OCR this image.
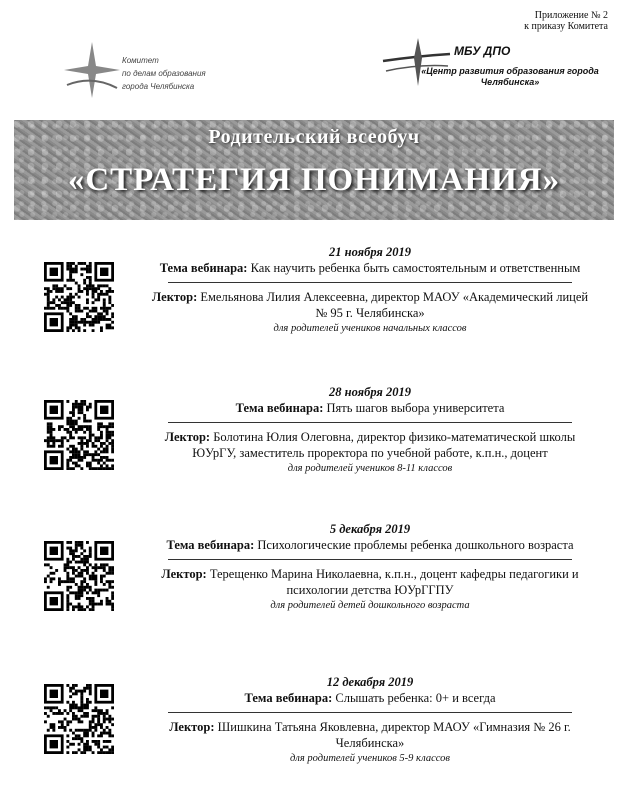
Приложение № 2
к приказу Комитета
Комитет
по делам образования
города Челябинска
МБУ ДПО
«Центр развития образования города Челябинска»
Родительский всеобуч
«СТРАТЕГИЯ ПОНИМАНИЯ»
21 ноября 2019
Тема вебинара: Как научить ребенка быть самостоятельным и ответственным
Лектор: Емельянова Лилия Алексеевна, директор МАОУ «Академический лицей № 95 г. Челябинска»
для родителей учеников начальных классов
28 ноября 2019
Тема вебинара: Пять шагов выбора университета
Лектор: Болотина Юлия Олеговна, директор физико-математической школы ЮУрГУ, заместитель проректора по учебной работе, к.п.н., доцент
для родителей учеников 8-11 классов
5 декабря 2019
Тема вебинара: Психологические проблемы ребенка дошкольного возраста
Лектор: Терещенко Марина Николаевна, к.п.н., доцент кафедры педагогики и психологии детства ЮУрГГПУ
для родителей детей дошкольного возраста
12 декабря 2019
Тема вебинара: Слышать ребенка: 0+ и всегда
Лектор: Шишкина Татьяна Яковлевна, директор МАОУ «Гимназия № 26 г. Челябинска»
для родителей учеников 5-9 классов
